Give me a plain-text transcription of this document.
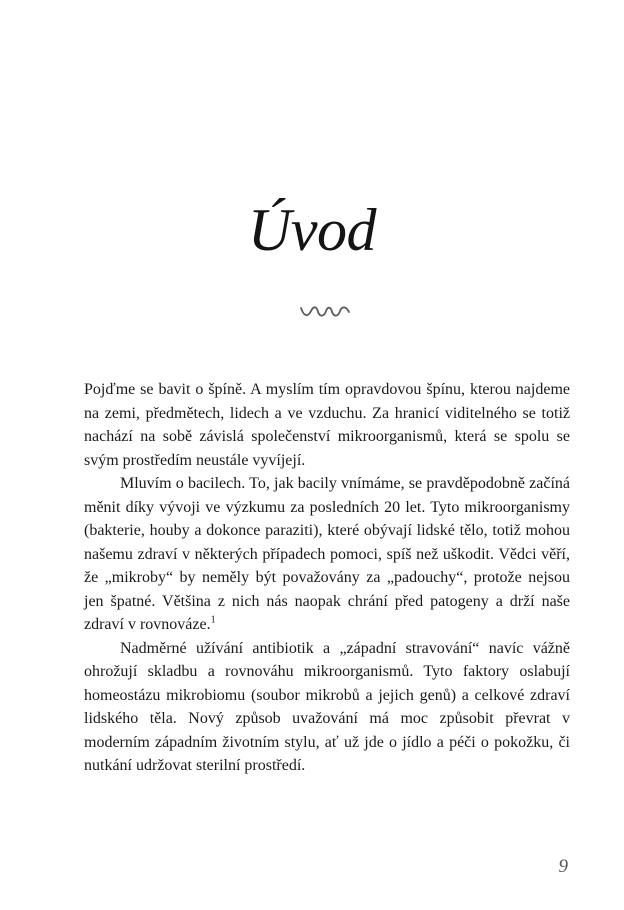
Úvod

Pojďme se bavit o špíně. A myslím tím opravdovou špínu, kterou najdeme na zemi, předmětech, lidech a ve vzduchu. Za hranicí viditelného se totiž nachází na sobě závislá společenství mikroorganismů, která se spolu se svým prostředím neustále vyvíjejí.

Mluvím o bacilech. To, jak bacily vnímáme, se pravděpodobně začíná měnit díky vývoji ve výzkumu za posledních 20 let. Tyto mikroorganismy (bakterie, houby a dokonce paraziti), které obývají lidské tělo, totiž mohou našemu zdraví v některých případech pomoci, spíš než uškodit. Vědci věří, že „mikroby“ by neměly být považovány za „padouchy“, protože nejsou jen špatné. Většina z nich nás naopak chrání před patogeny a drží naše zdraví v rovnováze.$^1$

Nadměrné užívání antibiotik a „západní stravování“ navíc vážně ohrožují skladbu a rovnováhu mikroorganismů. Tyto faktory oslabují homeostázu mikrobiomu (soubor mikrobů a jejich genů) a celkové zdraví lidského těla. Nový způsob uvažování má moc způsobit převrat v moderním západním životním stylu, ať už jde o jídlo a péči o pokožku, či nutkání udržovat sterilní prostředí.

9
